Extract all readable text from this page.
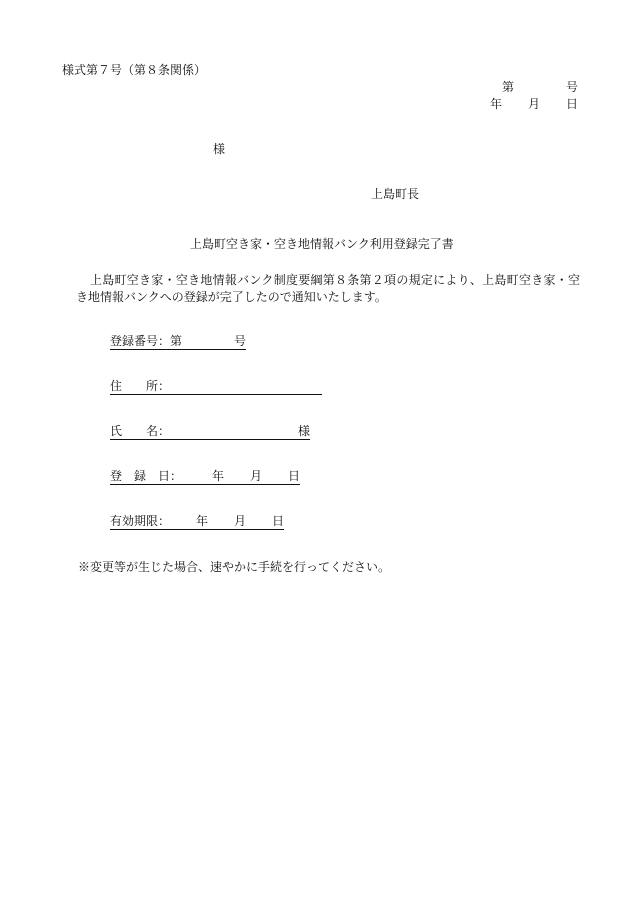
様式第７号（第８条関係）
第	号
年 月 日
様
上島町長
上島町空き家・空き地情報バンク利用登録完了書
上島町空き家・空き地情報バンク制度要綱第８条第２項の規定により、上島町空き家・空き地情報バンクへの登録が完了したので通知いたします。
登録番号：第	号
住　　所：
氏　　名：	様
登　録　日：	年 月 日
有効期限： 年 月 日
※変更等が生じた場合、速やかに手続を行ってください。
